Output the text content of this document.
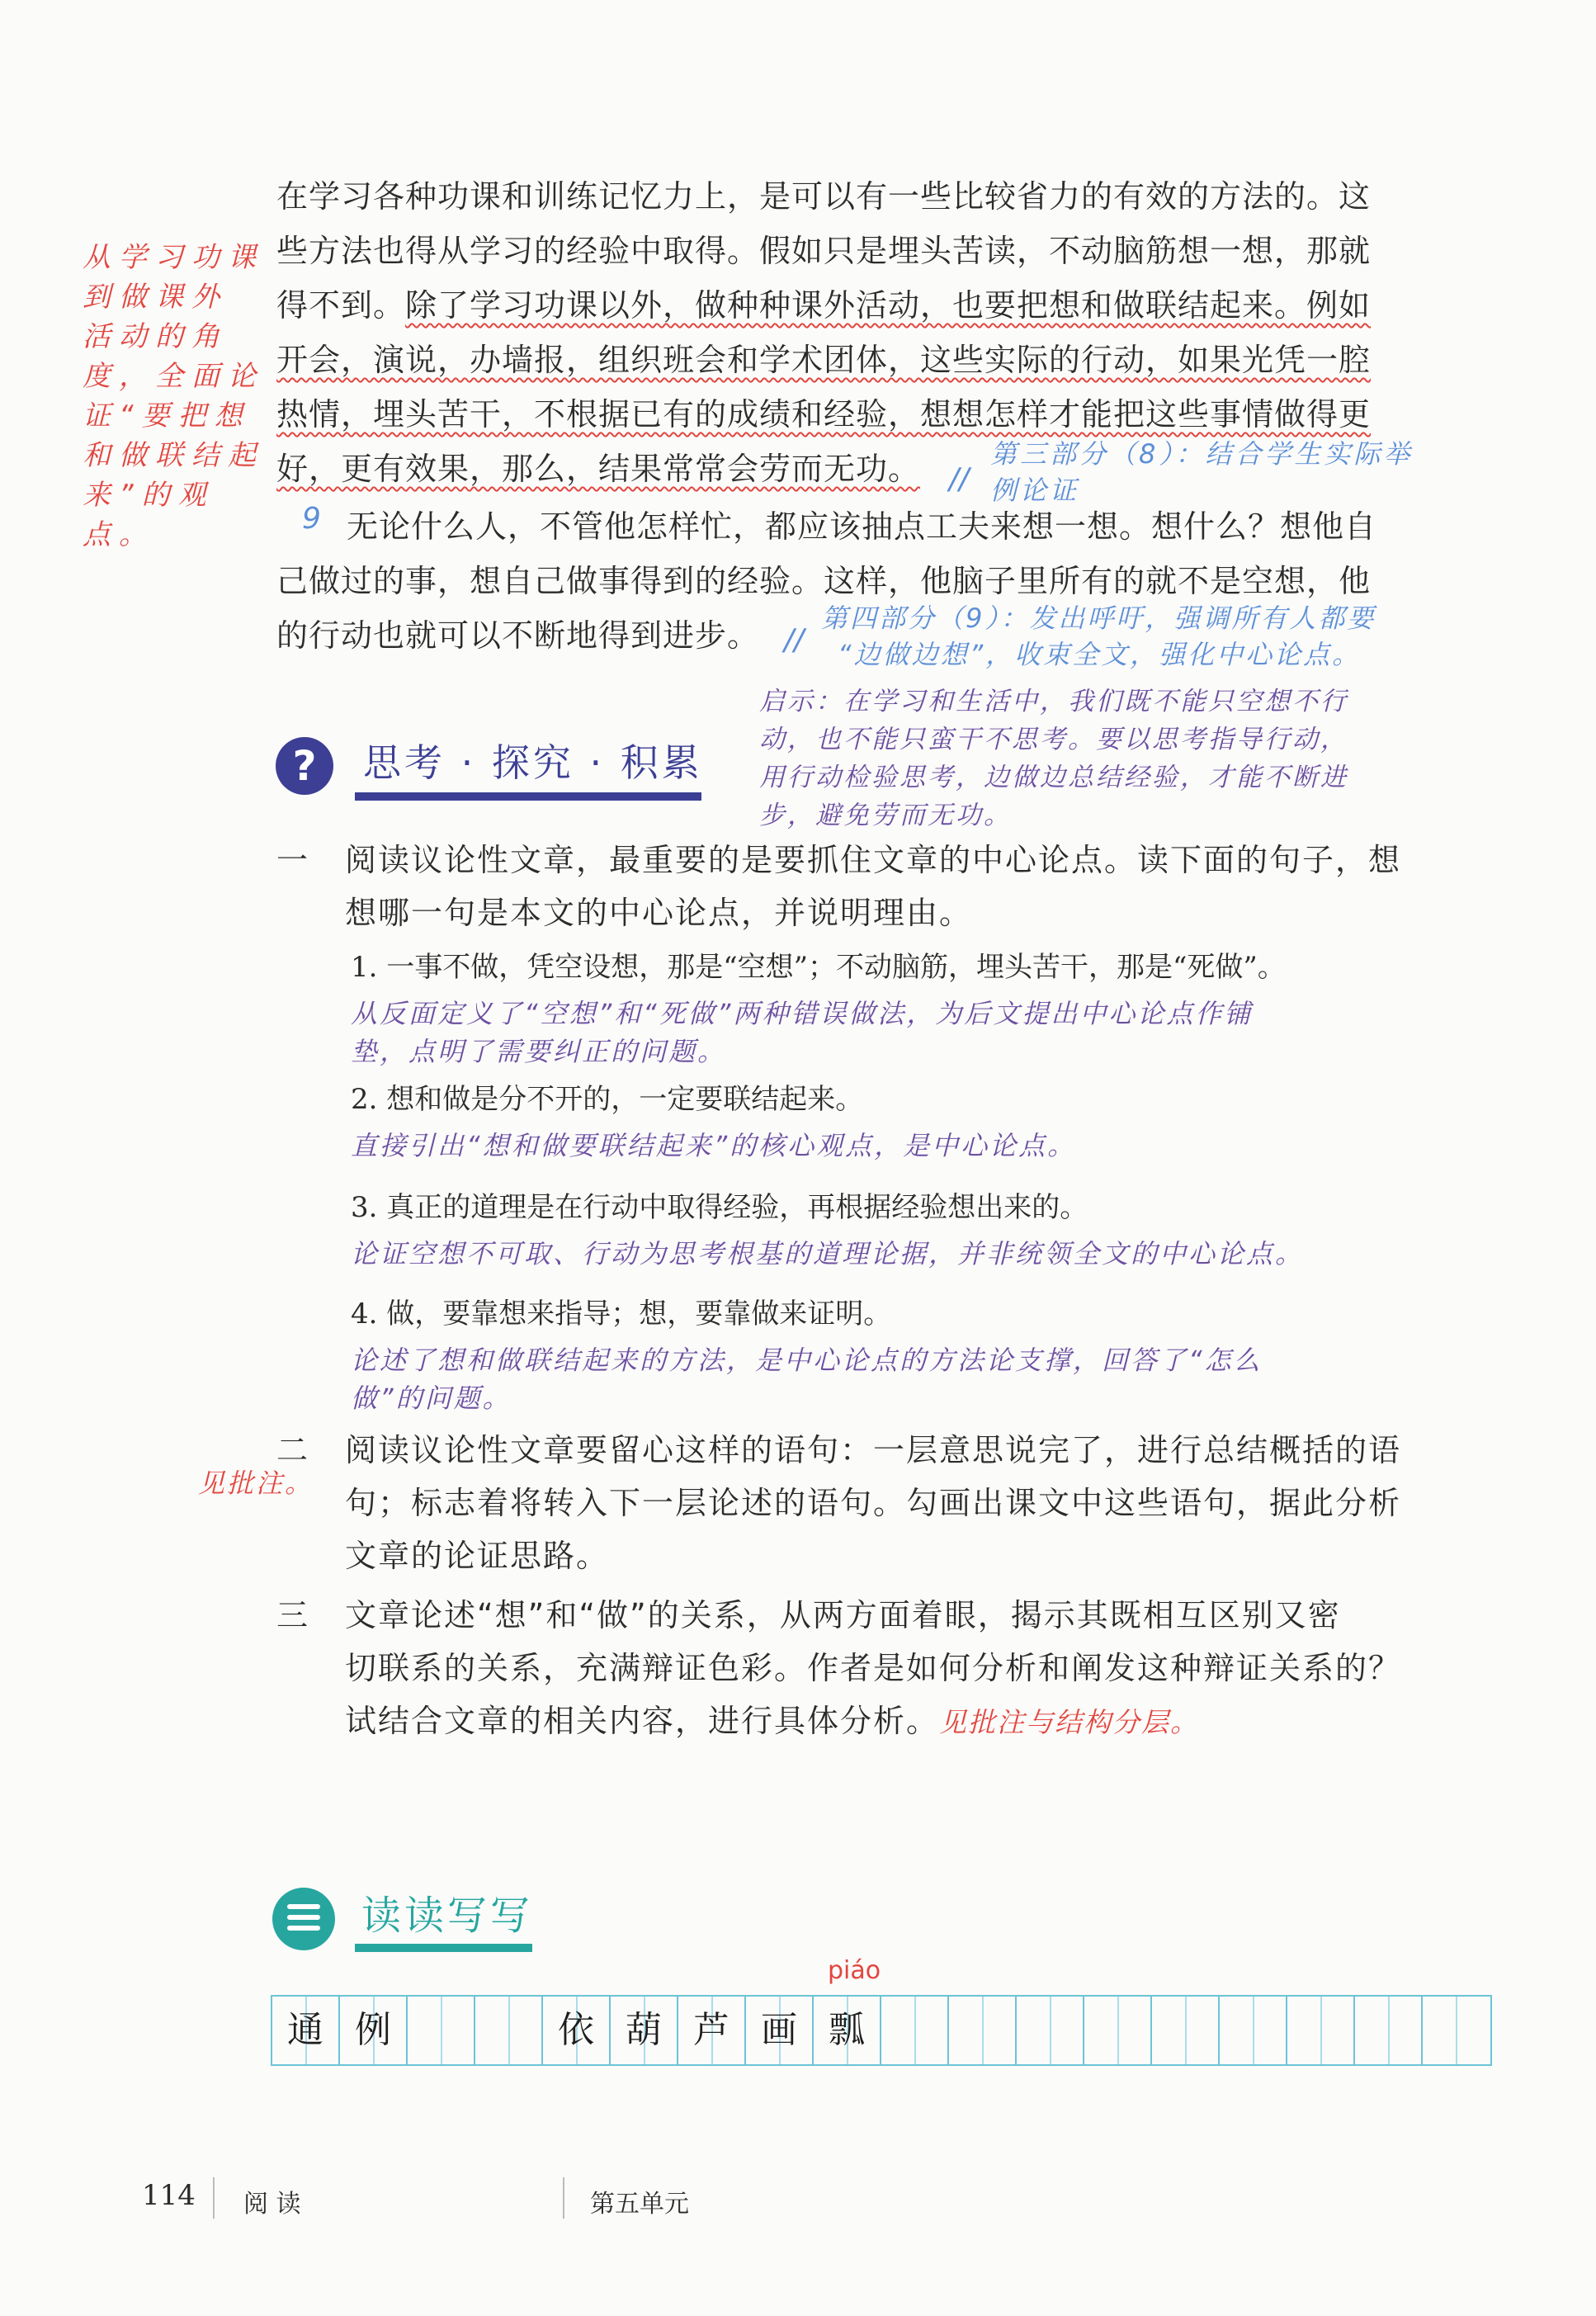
在学习各种功课和训练记忆力上，是可以有一些比较省力的有效的方法的。这
些方法也得从学习的经验中取得。假如只是埋头苦读，不动脑筋想一想，那就
得不到。除了学习功课以外，做种种课外活动，也要把想和做联结起来。例如
开会，演说，办墙报，组织班会和学术团体，这些实际的行动，如果光凭一腔
热情，埋头苦干，不根据已有的成绩和经验，想想怎样才能把这些事情做得更
好，更有效果，那么，结果常常会劳而无功。
从学习功课
到做课外
活动的角
度，全面论
证“要把想
和做联结起
来”的观点。
//
第三部分（8）：结合学生实际举
例论证
9 无论什么人，不管他怎样忙，都应该抽点工夫来想一想。想什么？想他自
己做过的事，想自己做事得到的经验。这样，他脑子里所有的就不是空想，他
的行动也就可以不断地得到进步。 //
第四部分（9）：发出呼吁，强调所有人都要
“边做边想”，收束全文，强化中心论点。
启示：在学习和生活中，我们既不能只空想不行
动，也不能只蛮干不思考。要以思考指导行动，
用行动检验思考，边做边总结经验，才能不断进
步，避免劳而无功。
?	思考 · 探究 · 积累
一 阅读议论性文章，最重要的是要抓住文章的中心论点。读下面的句子，想
想哪一句是本文的中心论点，并说明理由。
1. 一事不做，凭空设想，那是“空想”；不动脑筋，埋头苦干，那是“死做”。
从反面定义了“空想”和“死做”两种错误做法，为后文提出中心论点作铺
垫，点明了需要纠正的问题。
2. 想和做是分不开的，一定要联结起来。
直接引出“想和做要联结起来”的核心观点，是中心论点。
3. 真正的道理是在行动中取得经验，再根据经验想出来的。
论证空想不可取、行动为思考根基的道理论据，并非统领全文的中心论点。
4. 做，要靠想来指导；想，要靠做来证明。
论述了想和做联结起来的方法，是中心论点的方法论支撑，回答了“怎么
做”的问题。
二
见批注。
阅读议论性文章要留心这样的语句：一层意思说完了，进行总结概括的语
句；标志着将转入下一层论述的语句。勾画出课文中这些语句，据此分析
文章的论证思路。
三 文章论述“想”和“做”的关系，从两方面着眼，揭示其既相互区别又密
切联系的关系，充满辩证色彩。作者是如何分析和阐发这种辩证关系的？
试结合文章的相关内容，进行具体分析。见批注与结构分层。
读读写写
piáo
通 例	依 葫 芦 画 瓢
114 阅 读	第五单元
